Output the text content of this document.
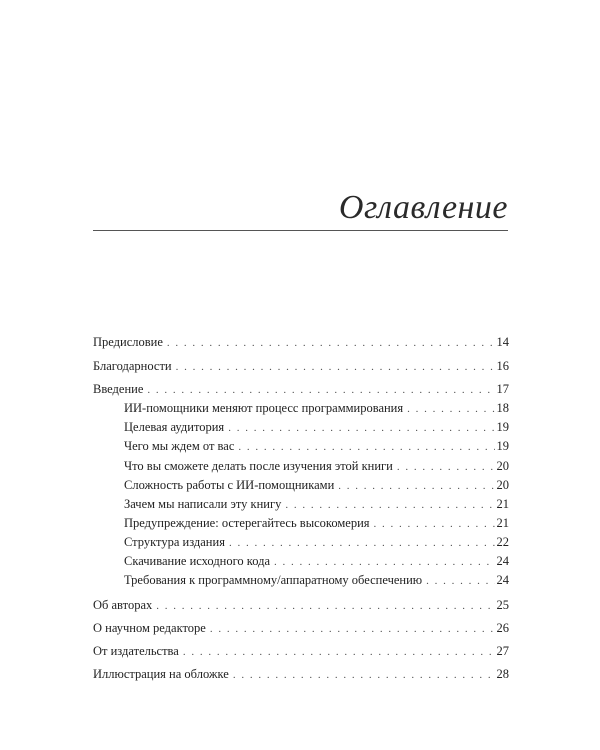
Оглавление
Предисловие . . .	14
Благодарности . . .	16
Введение . . .	17
ИИ-помощники меняют процесс программирования . . .	18
Целевая аудитория . . .	19
Чего мы ждем от вас . . .	19
Что вы сможете делать после изучения этой книги . . .	20
Сложность работы с ИИ-помощниками . . .	20
Зачем мы написали эту книгу . . .	21
Предупреждение: остерегайтесь высокомерия . . .	21
Структура издания . . .	22
Скачивание исходного кода . . .	24
Требования к программному/аппаратному обеспечению . . .	24
Об авторах . . .	25
О научном редакторе . . .	26
От издательства . . .	27
Иллюстрация на обложке . . .	28
